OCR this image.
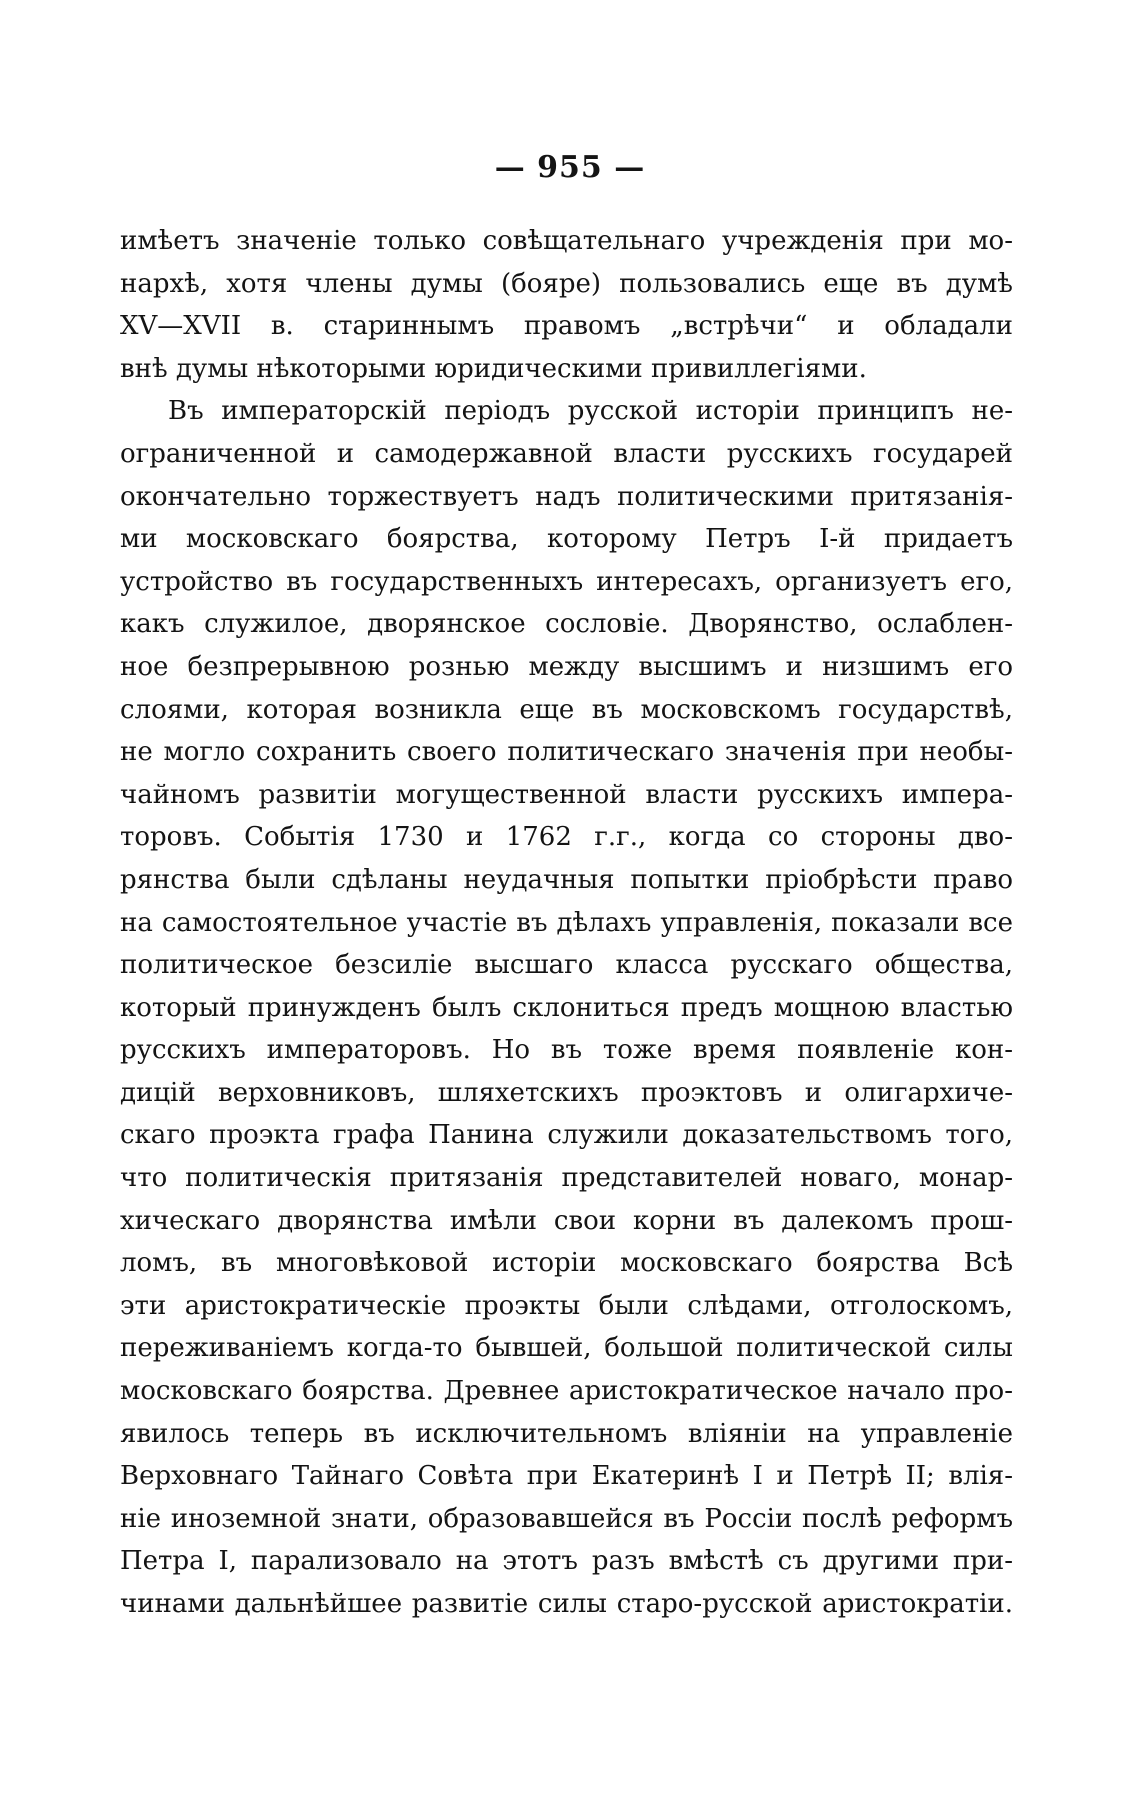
— 955 —
имѣетъ значеніе только совѣщательнаго учрежденія при мо-
нархѣ, хотя члены думы (бояре) пользовались еще въ думѣ
XV—XVII в. стариннымъ правомъ „встрѣчи“ и обладали
внѣ думы нѣкоторыми юридическими привиллегіями.
Въ императорскій періодъ русской исторіи принципъ не-
ограниченной и самодержавной власти русскихъ государей
окончательно торжествуетъ надъ политическими притязанія-
ми московскаго боярства, которому Петръ I-й придаетъ
устройство въ государственныхъ интересахъ, организуетъ его,
какъ служилое, дворянское сословіе. Дворянство, ослаблен-
ное безпрерывною рознью между высшимъ и низшимъ его
слоями, которая возникла еще въ московскомъ государствѣ,
не могло сохранить своего политическаго значенія при необы-
чайномъ развитіи могущественной власти русскихъ импера-
торовъ. Событія 1730 и 1762 г.г., когда со стороны дво-
рянства были сдѣланы неудачныя попытки пріобрѣсти право
на самостоятельное участіе въ дѣлахъ управленія, показали все
политическое безсиліе высшаго класса русскаго общества,
который принужденъ былъ склониться предъ мощною властью
русскихъ императоровъ. Но въ тоже время появленіе кон-
дицій верховниковъ, шляхетскихъ проэктовъ и олигархиче-
скаго проэкта графа Панина служили доказательствомъ того,
что политическія притязанія представителей новаго, монар-
хическаго дворянства имѣли свои корни въ далекомъ прош-
ломъ, въ многовѣковой исторіи московскаго боярства Всѣ
эти аристократическіе проэкты были слѣдами, отголоскомъ,
переживаніемъ когда-то бывшей, большой политической силы
московскаго боярства. Древнее аристократическое начало про-
явилось теперь въ исключительномъ вліяніи на управленіе
Верховнаго Тайнаго Совѣта при Екатеринѣ I и Петрѣ II; влія-
ніе иноземной знати, образовавшейся въ Россіи послѣ реформъ
Петра I, парализовало на этотъ разъ вмѣстѣ съ другими при-
чинами дальнѣйшее развитіе силы старо-русской аристократіи.
